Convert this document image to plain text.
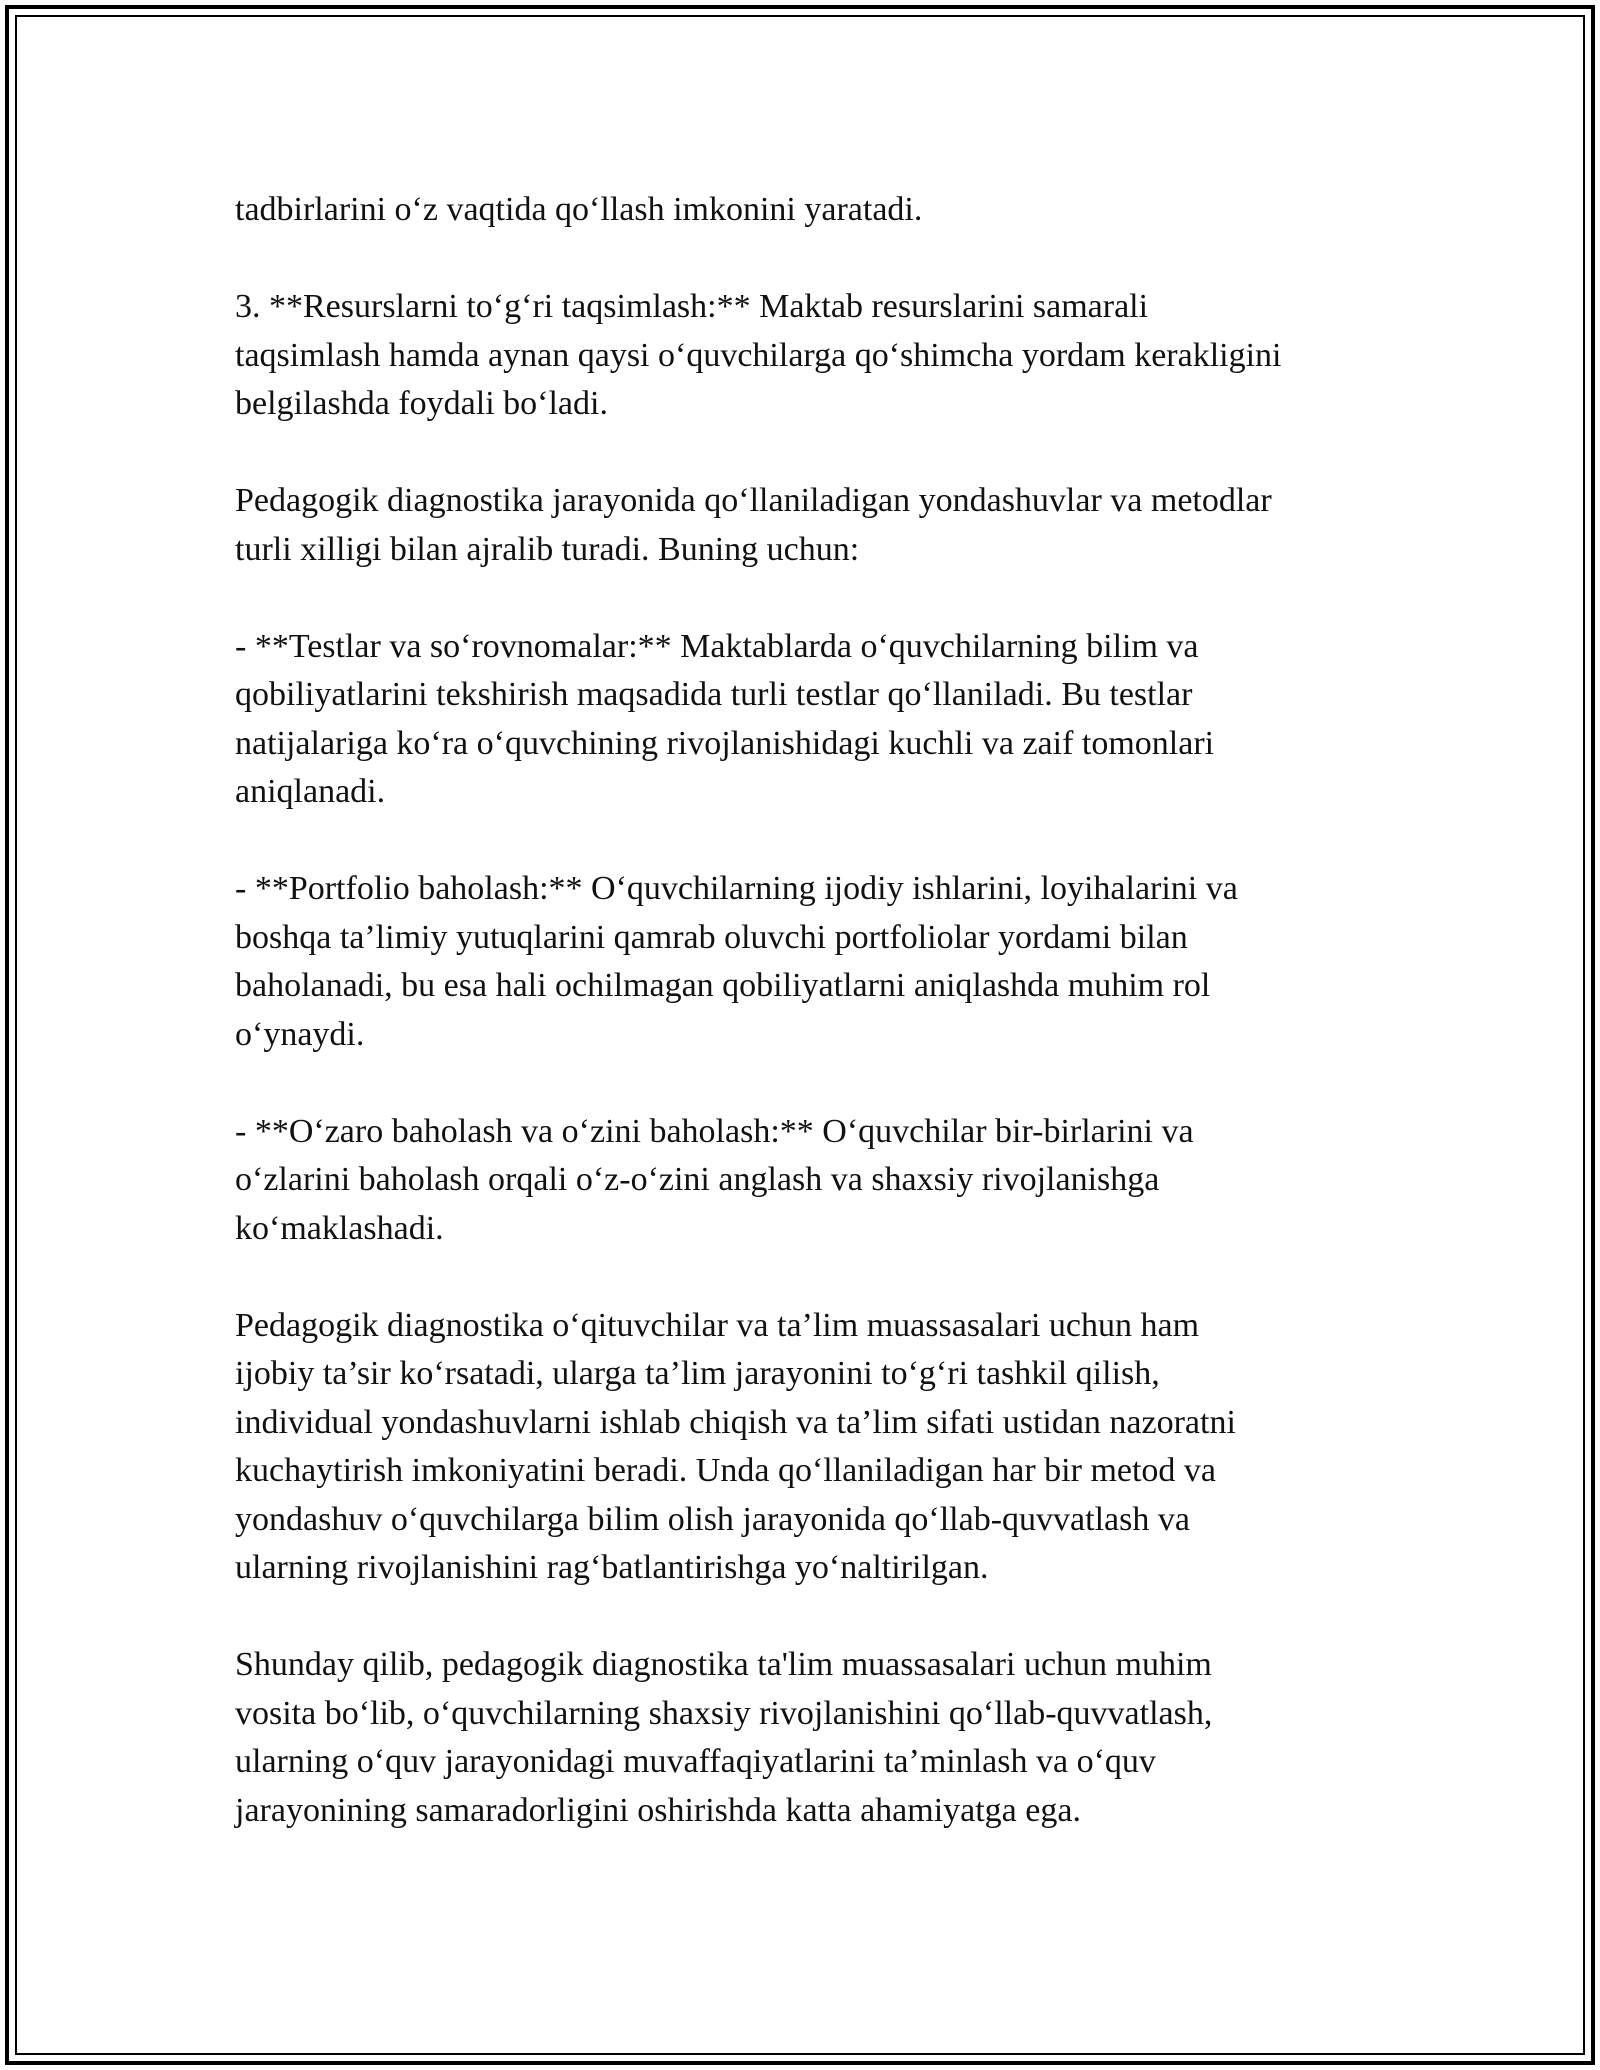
tadbirlarini o‘z vaqtida qo‘llash imkonini yaratadi.

3. **Resurslarni to‘g‘ri taqsimlash:** Maktab resurslarini samarali
taqsimlash hamda aynan qaysi o‘quvchilarga qo‘shimcha yordam kerakligini
belgilashda foydali bo‘ladi.

Pedagogik diagnostika jarayonida qo‘llaniladigan yondashuvlar va metodlar
turli xilligi bilan ajralib turadi. Buning uchun:

- **Testlar va so‘rovnomalar:** Maktablarda o‘quvchilarning bilim va
qobiliyatlarini tekshirish maqsadida turli testlar qo‘llaniladi. Bu testlar
natijalariga ko‘ra o‘quvchining rivojlanishidagi kuchli va zaif tomonlari
aniqlanadi.

- **Portfolio baholash:** O‘quvchilarning ijodiy ishlarini, loyihalarini va
boshqa ta’limiy yutuqlarini qamrab oluvchi portfoliolar yordami bilan
baholanadi, bu esa hali ochilmagan qobiliyatlarni aniqlashda muhim rol
o‘ynaydi.

- **O‘zaro baholash va o‘zini baholash:** O‘quvchilar bir-birlarini va
o‘zlarini baholash orqali o‘z-o‘zini anglash va shaxsiy rivojlanishga
ko‘maklashadi.

Pedagogik diagnostika o‘qituvchilar va ta’lim muassasalari uchun ham
ijobiy ta’sir ko‘rsatadi, ularga ta’lim jarayonini to‘g‘ri tashkil qilish,
individual yondashuvlarni ishlab chiqish va ta’lim sifati ustidan nazoratni
kuchaytirish imkoniyatini beradi. Unda qo‘llaniladigan har bir metod va
yondashuv o‘quvchilarga bilim olish jarayonida qo‘llab-quvvatlash va
ularning rivojlanishini rag‘batlantirishga yo‘naltirilgan.

Shunday qilib, pedagogik diagnostika ta'lim muassasalari uchun muhim
vosita bo‘lib, o‘quvchilarning shaxsiy rivojlanishini qo‘llab-quvvatlash,
ularning o‘quv jarayonidagi muvaffaqiyatlarini ta’minlash va o‘quv
jarayonining samaradorligini oshirishda katta ahamiyatga ega.
